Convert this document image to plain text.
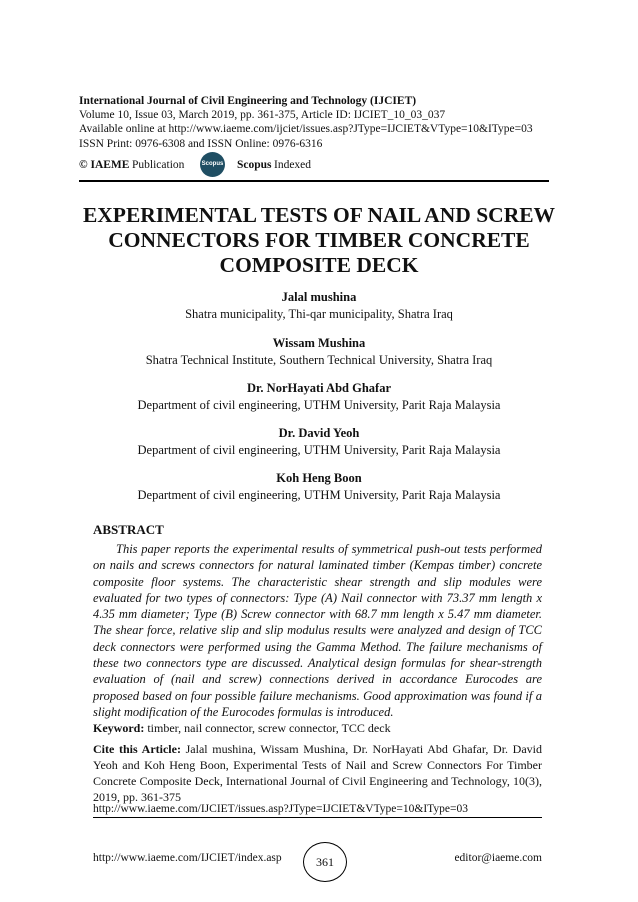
International Journal of Civil Engineering and Technology (IJCIET)
Volume 10, Issue 03, March 2019, pp. 361-375, Article ID: IJCIET_10_03_037
Available online at http://www.iaeme.com/ijciet/issues.asp?JType=IJCIET&VType=10&IType=03
ISSN Print: 0976-6308 and ISSN Online: 0976-6316
© IAEME Publication	Scopus Scopus Indexed
EXPERIMENTAL TESTS OF NAIL AND SCREW CONNECTORS FOR TIMBER CONCRETE COMPOSITE DECK
Jalal mushina
Shatra municipality, Thi-qar municipality, Shatra Iraq
Wissam Mushina
Shatra Technical Institute, Southern Technical University, Shatra Iraq
Dr. NorHayati Abd Ghafar
Department of civil engineering, UTHM University, Parit Raja Malaysia
Dr. David Yeoh
Department of civil engineering, UTHM University, Parit Raja Malaysia
Koh Heng Boon
Department of civil engineering, UTHM University, Parit Raja Malaysia
ABSTRACT

This paper reports the experimental results of symmetrical push-out tests performed on nails and screws connectors for natural laminated timber (Kempas timber) concrete composite floor systems. The characteristic shear strength and slip modules were evaluated for two types of connectors: Type (A) Nail connector with 73.37 mm length x 4.35 mm diameter; Type (B) Screw connector with 68.7 mm length x 5.47 mm diameter. The shear force, relative slip and slip modulus results were analyzed and design of TCC deck connectors were performed using the Gamma Method. The failure mechanisms of these two connectors type are discussed. Analytical design formulas for shear-strength evaluation of (nail and screw) connections derived in accordance Eurocodes are proposed based on four possible failure mechanisms. Good approximation was found if a slight modification of the Eurocodes formulas is introduced.

Keyword: timber, nail connector, screw connector, TCC deck

Cite this Article: Jalal mushina, Wissam Mushina, Dr. NorHayati Abd Ghafar, Dr. David Yeoh and Koh Heng Boon, Experimental Tests of Nail and Screw Connectors For Timber Concrete Composite Deck, International Journal of Civil Engineering and Technology, 10(3), 2019, pp. 361-375

http://www.iaeme.com/IJCIET/issues.asp?JType=IJCIET&VType=10&IType=03
http://www.iaeme.com/IJCIET/index.asp	361	editor@iaeme.com
